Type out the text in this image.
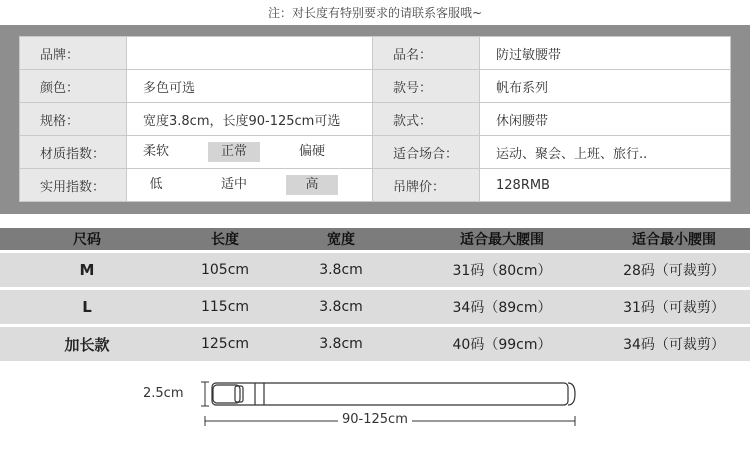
注：对长度有特别要求的请联系客服哦~
品牌：		品名：	防过敏腰带
颜色：	多色可选	款号：	帆布系列
规格：	宽度3.8cm，长度90-125cm可选	款式：	休闲腰带
材质指数：	柔软 正常 偏硬	适合场合：	运动、聚会、上班、旅行..
实用指数：	低 适中 高	吊牌价：	128RMB
尺码	长度	宽度	适合最大腰围	适合最小腰围

M	105cm	3.8cm	31码（80cm）	28码（可裁剪）

L	115cm	3.8cm	34码（89cm）	31码（可裁剪）

加长款	125cm	3.8cm	40码（99cm）	34码（可裁剪）
2.5cm
90-125cm
